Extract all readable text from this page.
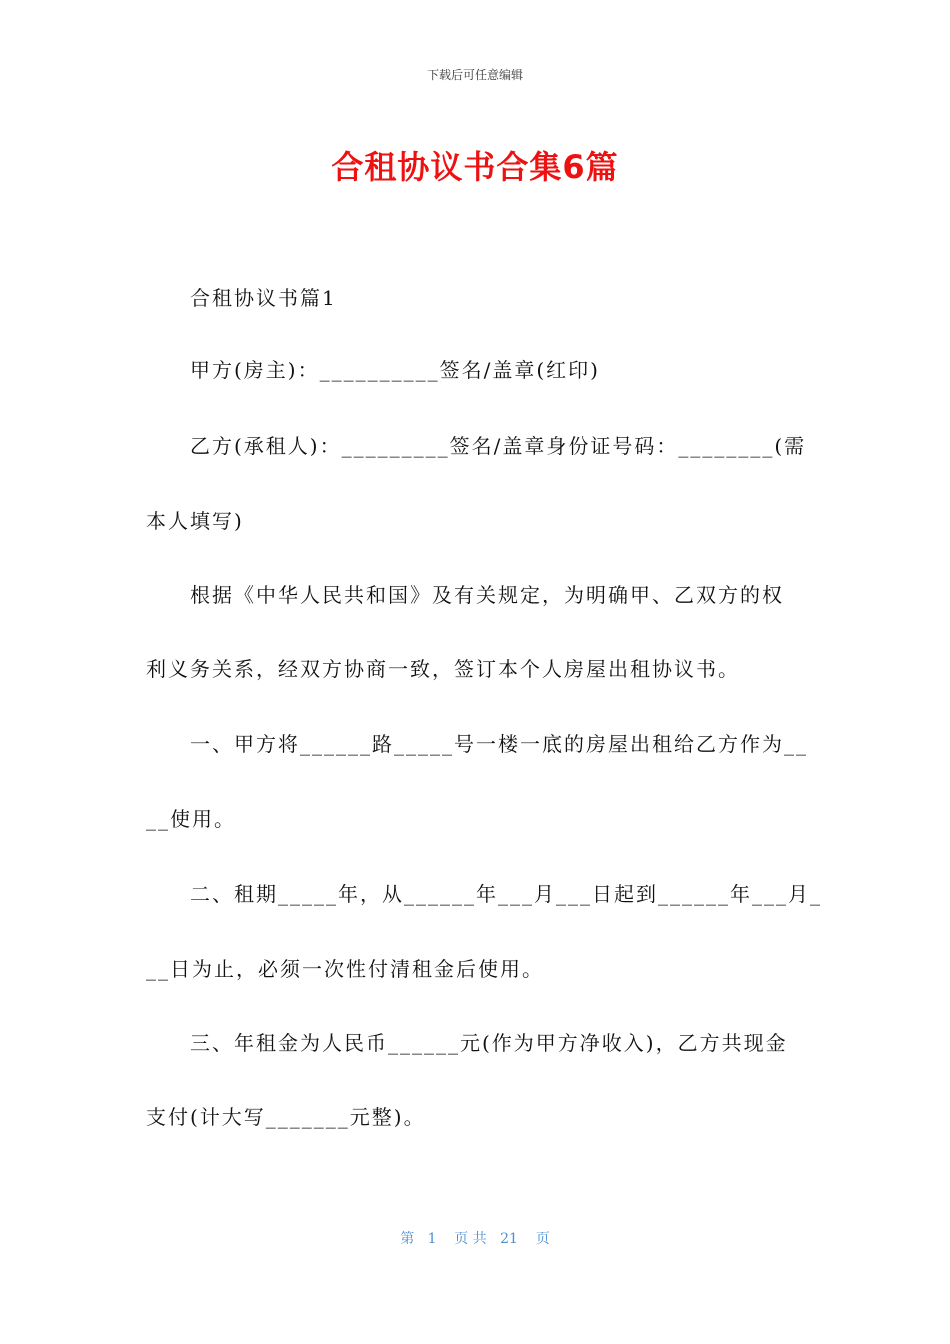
下载后可任意编辑
合租协议书合集6篇
合租协议书篇1
甲方(房主)：__________签名/盖章(红印)
乙方(承租人)：_________签名/盖章身份证号码：________(需
本人填写)
根据《中华人民共和国》及有关规定，为明确甲、乙双方的权
利义务关系，经双方协商一致，签订本个人房屋出租协议书。
一、甲方将______路_____号一楼一底的房屋出租给乙方作为__
__使用。
二、租期_____年，从______年___月___日起到______年___月_
__日为止，必须一次性付清租金后使用。
三、年租金为人民币______元(作为甲方净收入)，乙方共现金
支付(计大写_______元整)。
第   1    页 共   21    页
